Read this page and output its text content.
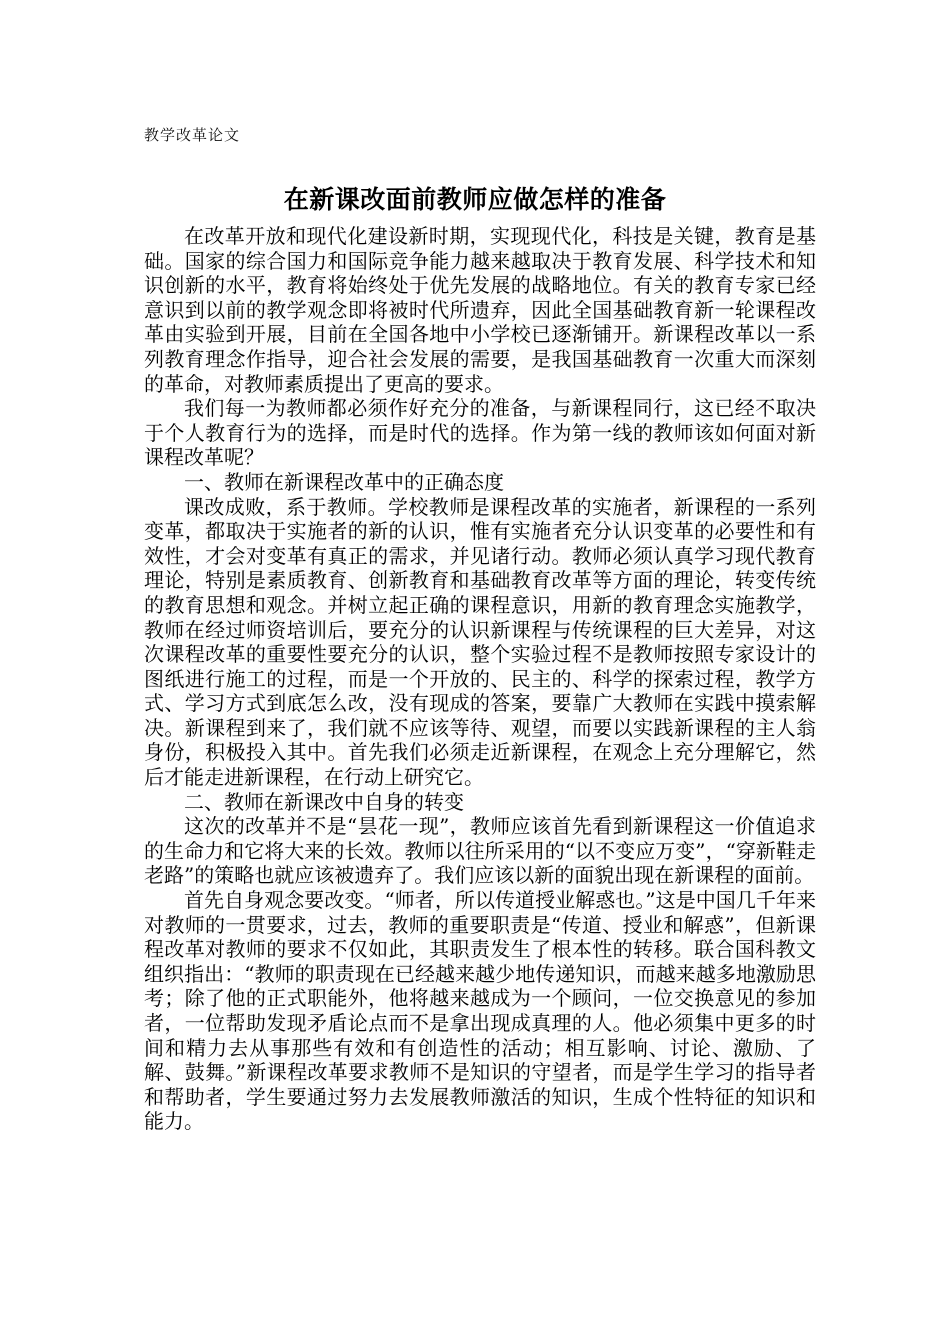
教学改革论文
在新课改面前教师应做怎样的准备

在改革开放和现代化建设新时期，实现现代化，科技是关键，教育是基础。国家的综合国力和国际竞争能力越来越取决于教育发展、科学技术和知识创新的水平，教育将始终处于优先发展的战略地位。有关的教育专家已经意识到以前的教学观念即将被时代所遗弃，因此全国基础教育新一轮课程改革由实验到开展，目前在全国各地中小学校已逐渐铺开。新课程改革以一系列教育理念作指导，迎合社会发展的需要，是我国基础教育一次重大而深刻的革命，对教师素质提出了更高的要求。

我们每一为教师都必须作好充分的准备，与新课程同行，这已经不取决于个人教育行为的选择，而是时代的选择。作为第一线的教师该如何面对新课程改革呢？

一、教师在新课程改革中的正确态度

课改成败，系于教师。学校教师是课程改革的实施者，新课程的一系列变革，都取决于实施者的新的认识，惟有实施者充分认识变革的必要性和有效性，才会对变革有真正的需求，并见诸行动。教师必须认真学习现代教育理论，特别是素质教育、创新教育和基础教育改革等方面的理论，转变传统的教育思想和观念。并树立起正确的课程意识，用新的教育理念实施教学，教师在经过师资培训后，要充分的认识新课程与传统课程的巨大差异，对这次课程改革的重要性要充分的认识，整个实验过程不是教师按照专家设计的图纸进行施工的过程，而是一个开放的、民主的、科学的探索过程，教学方式、学习方式到底怎么改，没有现成的答案，要靠广大教师在实践中摸索解决。新课程到来了，我们就不应该等待、观望，而要以实践新课程的主人翁身份，积极投入其中。首先我们必须走近新课程，在观念上充分理解它，然后才能走进新课程，在行动上研究它。

二、教师在新课改中自身的转变

这次的改革并不是“昙花一现”，教师应该首先看到新课程这一价值追求的生命力和它将大来的长效。教师以往所采用的“以不变应万变”，“穿新鞋走老路”的策略也就应该被遗弃了。我们应该以新的面貌出现在新课程的面前。

首先自身观念要改变。“师者，所以传道授业解惑也。”这是中国几千年来对教师的一贯要求，过去，教师的重要职责是“传道、授业和解惑”，但新课程改革对教师的要求不仅如此，其职责发生了根本性的转移。联合国科教文组织指出：“教师的职责现在已经越来越少地传递知识，而越来越多地激励思考；除了他的正式职能外，他将越来越成为一个顾问，一位交换意见的参加者，一位帮助发现矛盾论点而不是拿出现成真理的人。他必须集中更多的时间和精力去从事那些有效和有创造性的活动；相互影响、讨论、激励、了解、鼓舞。”新课程改革要求教师不是知识的守望者，而是学生学习的指导者和帮助者，学生要通过努力去发展教师激活的知识，生成个性特征的知识和能力。
